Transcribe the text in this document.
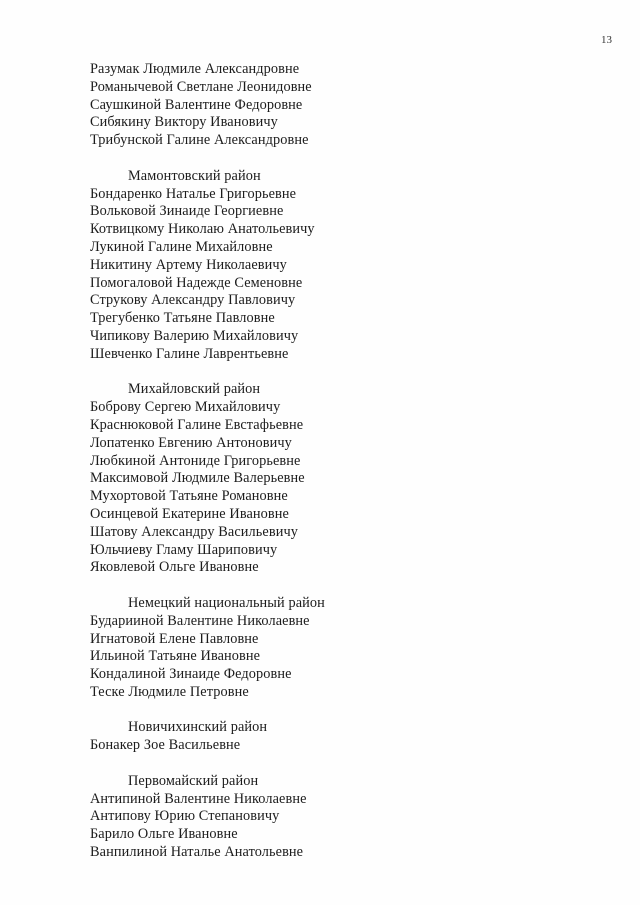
13
Разумак Людмиле Александровне
Романычевой Светлане Леонидовне
Саушкиной Валентине Федоровне
Сибякину Виктору Ивановичу
Трибунской Галине Александровне
Мамонтовский район
Бондаренко Наталье Григорьевне
Вольковой Зинаиде Георгиевне
Котвицкому Николаю Анатольевичу
Лукиной Галине Михайловне
Никитину Артему Николаевичу
Помогаловой Надежде Семеновне
Струкову Александру Павловичу
Трегубенко Татьяне Павловне
Чипикову Валерию Михайловичу
Шевченко Галине Лаврентьевне
Михайловский район
Боброву Сергею Михайловичу
Краснюковой Галине Евстафьевне
Лопатенко Евгению Антоновичу
Любкиной Антониде Григорьевне
Максимовой Людмиле Валерьевне
Мухортовой Татьяне Романовне
Осинцевой Екатерине Ивановне
Шатову Александру Васильевичу
Юльчиеву Гламу Шариповичу
Яковлевой Ольге Ивановне
Немецкий национальный район
Бударииной Валентине Николаевне
Игнатовой Елене Павловне
Ильиной Татьяне Ивановне
Кондалиной Зинаиде Федоровне
Теске Людмиле Петровне
Новичихинский район
Бонакер Зое Васильевне
Первомайский район
Антипиной Валентине Николаевне
Антипову Юрию Степановичу
Барило Ольге Ивановне
Ванпилиной Наталье Анатольевне
